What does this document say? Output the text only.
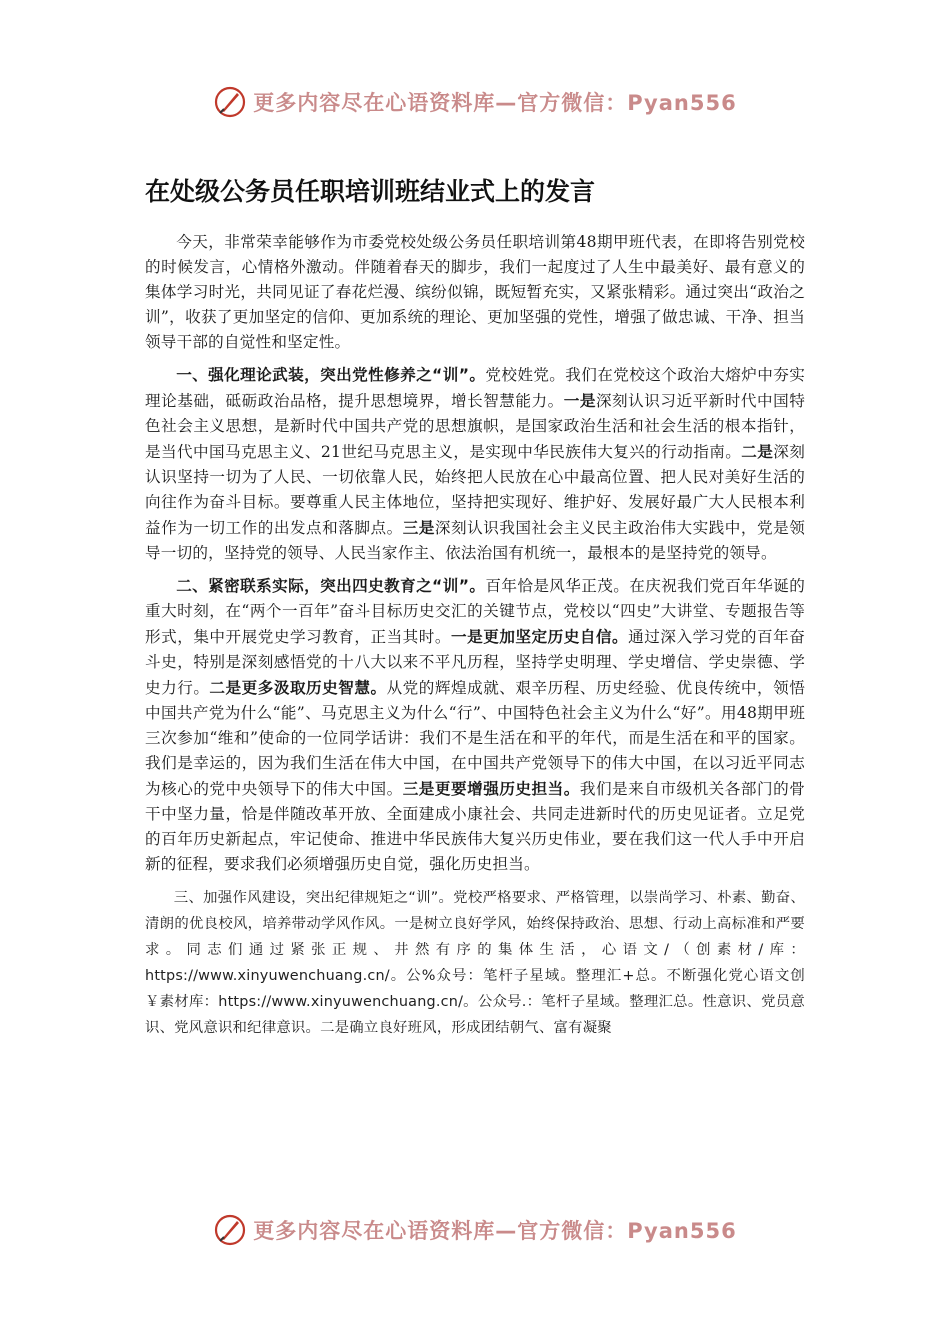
更多内容尽在心语资料库—官方微信：Pyan556
在处级公务员任职培训班结业式上的发言

今天，非常荣幸能够作为市委党校处级公务员任职培训第48期甲班代表，在即将告别党校的时候发言，心情格外激动。伴随着春天的脚步，我们一起度过了人生中最美好、最有意义的集体学习时光，共同见证了春花烂漫、缤纷似锦，既短暂充实，又紧张精彩。通过突出“政治之训”，收获了更加坚定的信仰、更加系统的理论、更加坚强的党性，增强了做忠诚、干净、担当领导干部的自觉性和坚定性。

一、强化理论武装，突出党性修养之“训”。党校姓党。我们在党校这个政治大熔炉中夯实理论基础，砥砺政治品格，提升思想境界，增长智慧能力。一是深刻认识习近平新时代中国特色社会主义思想，是新时代中国共产党的思想旗帜，是国家政治生活和社会生活的根本指针，是当代中国马克思主义、21世纪马克思主义，是实现中华民族伟大复兴的行动指南。二是深刻认识坚持一切为了人民、一切依靠人民，始终把人民放在心中最高位置、把人民对美好生活的向往作为奋斗目标。要尊重人民主体地位，坚持把实现好、维护好、发展好最广大人民根本利益作为一切工作的出发点和落脚点。三是深刻认识我国社会主义民主政治伟大实践中，党是领导一切的，坚持党的领导、人民当家作主、依法治国有机统一，最根本的是坚持党的领导。

二、紧密联系实际，突出四史教育之“训”。百年恰是风华正茂。在庆祝我们党百年华诞的重大时刻，在“两个一百年”奋斗目标历史交汇的关键节点，党校以“四史”大讲堂、专题报告等形式，集中开展党史学习教育，正当其时。一是更加坚定历史自信。通过深入学习党的百年奋斗史，特别是深刻感悟党的十八大以来不平凡历程，坚持学史明理、学史增信、学史崇德、学史力行。二是更多汲取历史智慧。从党的辉煌成就、艰辛历程、历史经验、优良传统中，领悟中国共产党为什么“能”、马克思主义为什么“行”、中国特色社会主义为什么“好”。用48期甲班三次参加“维和”使命的一位同学话讲：我们不是生活在和平的年代，而是生活在和平的国家。我们是幸运的，因为我们生活在伟大中国，在中国共产党领导下的伟大中国，在以习近平同志为核心的党中央领导下的伟大中国。三是更要增强历史担当。我们是来自市级机关各部门的骨干中坚力量，恰是伴随改革开放、全面建成小康社会、共同走进新时代的历史见证者。立足党的百年历史新起点，牢记使命、推进中华民族伟大复兴历史伟业，要在我们这一代人手中开启新的征程，要求我们必须增强历史自觉，强化历史担当。

三、加强作风建设，突出纪律规矩之“训”。党校严格要求、严格管理，以崇尚学习、朴素、勤奋、清朗的优良校风，培养带动学风作风。一是树立良好学风，始终保持政治、思想、行动上高标准和严要求。同志们通过紧张正规、井然有序的集体生活，心语文/（创素材/库：https://www.xinyuwenchuang.cn/。公%众号：笔杆子星域。整理汇+总。不断强化党心语文创￥素材库：https://www.xinyuwenchuang.cn/。公众号.：笔杆子星域。整理汇总。性意识、党员意识、党风意识和纪律意识。二是确立良好班风，形成团结朝气、富有凝聚

更多内容尽在心语资料库—官方微信：Pyan556
